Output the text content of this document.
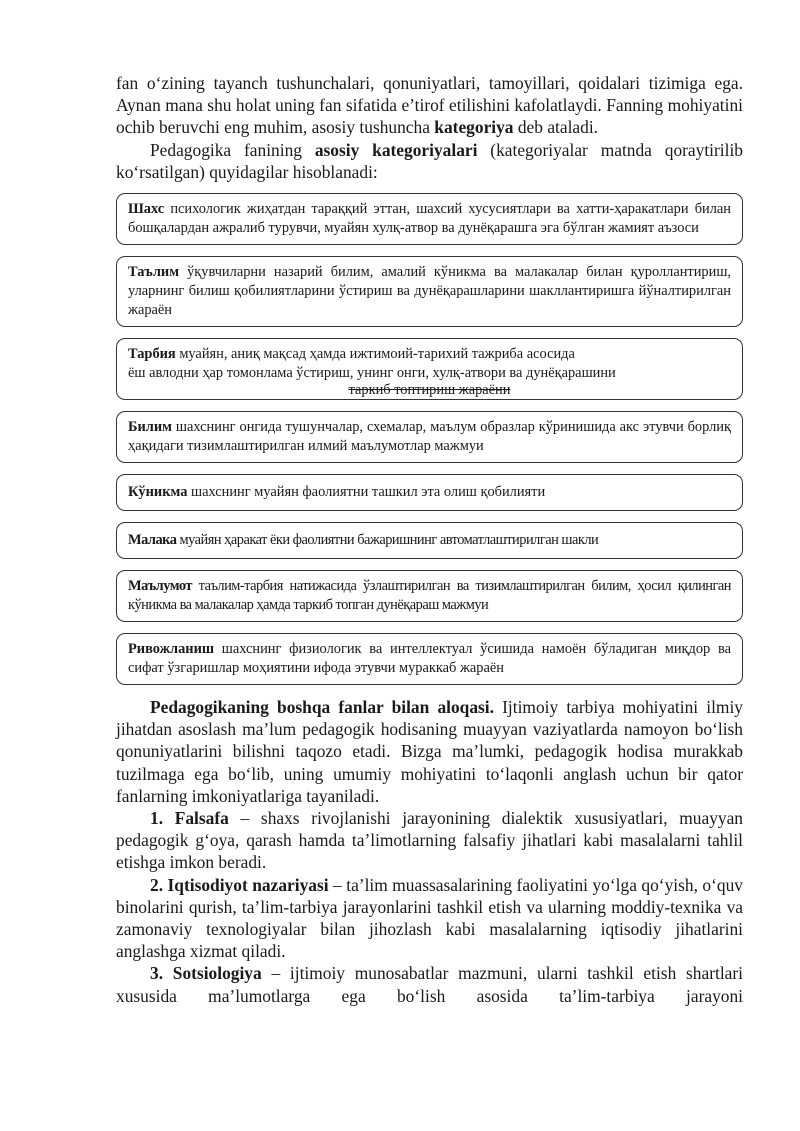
fan o‘zining tayanch tushunchalari, qonuniyatlari, tamoyillari, qoidalari tizimiga ega. Aynan mana shu holat uning fan sifatida e’tirof etilishini kafolatlaydi. Fanning mohiyatini ochib beruvchi eng muhim, asosiy tushuncha kategoriya deb ataladi.

Pedagogika fanining asosiy kategoriyalari (kategoriyalar matnda qoraytirilib ko‘rsatilgan) quyidagilar hisoblanadi:

Шахс психологик жиҳатдан тараққий эттан, шахсий хусусиятлари ва хатти-ҳаракатлари билан бошқалардан ажралиб турувчи, муайян хулқ-атвор ва дунёқарашга эга бўлган жамият аъзоси
Таълим ўқувчиларни назарий билим, амалий кўникма ва малакалар билан қуроллантириш, уларнинг билиш қобилиятларини ўстириш ва дунёқарашларини шакллантиришга йўналтирилган жараён
Тарбия муайян, аниқ мақсад ҳамда ижтимоий-тарихий тажриба асосида
ёш авлодни ҳар томонлама ўстириш, унинг онги, хулқ-атвори ва дунёқарашини
таркиб топтириш жараёни
Билим шахснинг онгида тушунчалар, схемалар, маълум образлар кўринишида акс этувчи борлиқ ҳақидаги тизимлаштирилган илмий маълумотлар мажмуи
Кўникма шахснинг муайян фаолиятни ташкил эта олиш қобилияти
Малака муайян ҳаракат ёки фаолиятни бажаришнинг автоматлаштирилган шакли
Маълумот таълим-тарбия натижасида ўзлаштирилган ва тизимлаштирилган билим, ҳосил қилинган кўникма ва малакалар ҳамда таркиб топган дунёқараш мажмуи
Ривожланиш шахснинг физиологик ва интеллектуал ўсишида намоён бўладиган миқдор ва сифат ўзгаришлар моҳиятини ифода этувчи мураккаб жараён

Pedagogikaning boshqa fanlar bilan aloqasi. Ijtimoiy tarbiya mohiyatini ilmiy jihatdan asoslash ma’lum pedagogik hodisaning muayyan vaziyatlarda namoyon bo‘lish qonuniyatlarini bilishni taqozo etadi. Bizga ma’lumki, pedagogik hodisa murakkab tuzilmaga ega bo‘lib, uning umumiy mohiyatini to‘laqonli anglash uchun bir qator fanlarning imkoniyatlariga tayaniladi.

1. Falsafa – shaxs rivojlanishi jarayonining dialektik xususiyatlari, muayyan pedagogik g‘oya, qarash hamda ta’limotlarning falsafiy jihatlari kabi masalalarni tahlil etishga imkon beradi.

2. Iqtisodiyot nazariyasi – ta’lim muassasalarining faoliyatini yo‘lga qo‘yish, o‘quv binolarini qurish, ta’lim-tarbiya jarayonlarini tashkil etish va ularning moddiy-texnika va zamonaviy texnologiyalar bilan jihozlash kabi masalalarning iqtisodiy jihatlarini anglashga xizmat qiladi.

3. Sotsiologiya – ijtimoiy munosabatlar mazmuni, ularni tashkil etish shartlari xususida ma’lumotlarga ega bo‘lish asosida ta’lim-tarbiya jarayoni
